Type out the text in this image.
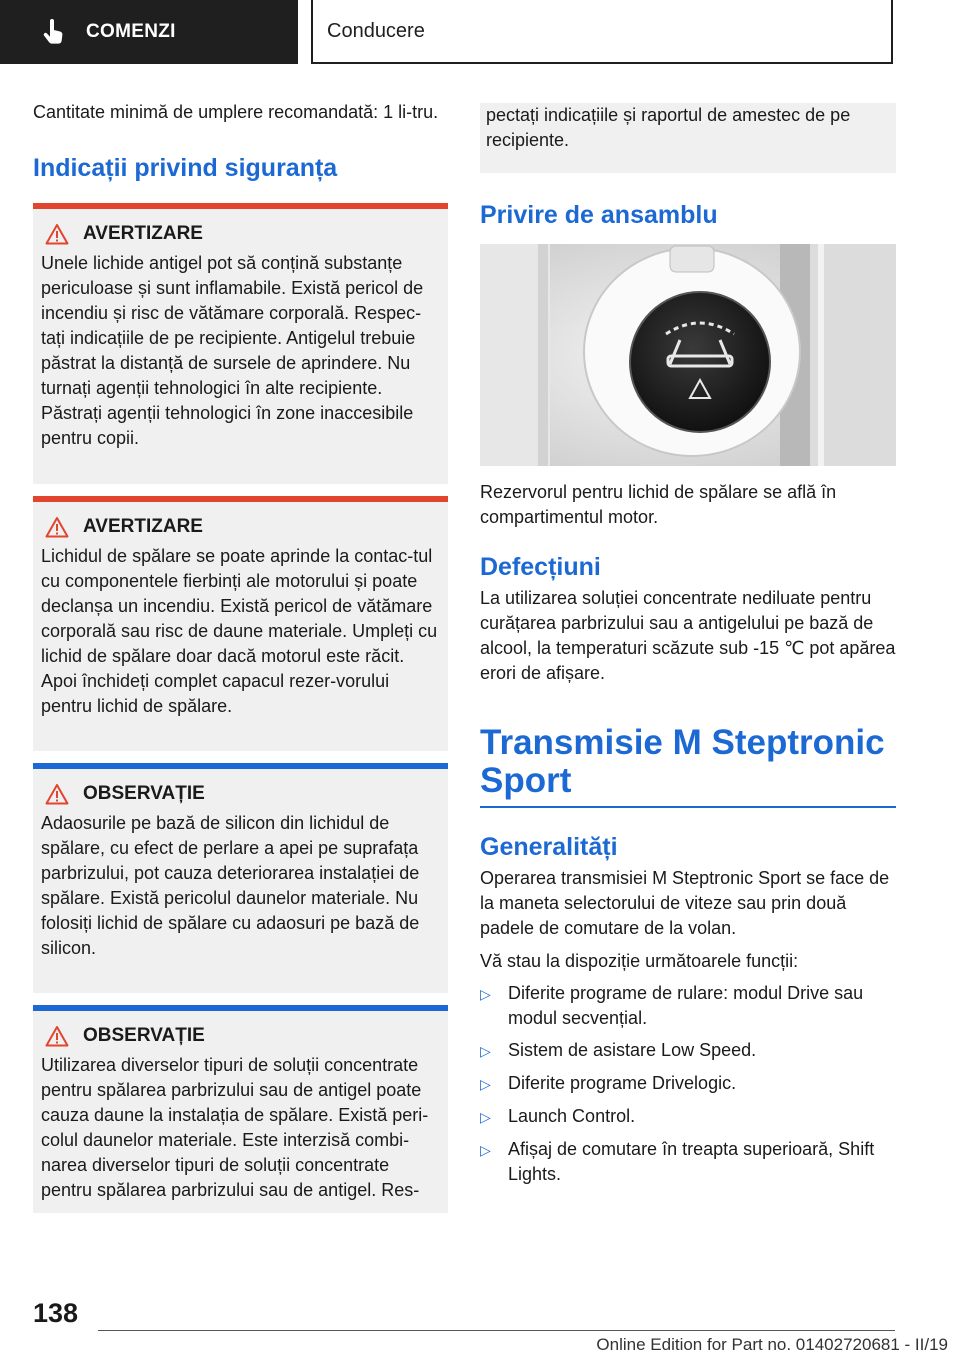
COMENZI	Conducere

Cantitate minimă de umplere recomandată: 1 li‐tru.

Indicații privind siguranța
AVERTIZARE

Unele lichide antigel pot să conțină substanțe periculoase și sunt inflamabile. Există pericol de incendiu și risc de vătămare corporală. Respec‐tați indicațiile de pe recipiente. Antigelul trebuie păstrat la distanță de sursele de aprindere. Nu turnați agenții tehnologici în alte recipiente. Păstrați agenții tehnologici în zone inaccesibile pentru copii.

AVERTIZARE

Lichidul de spălare se poate aprinde la contac‐tul cu componentele fierbinți ale motorului și poate declanșa un incendiu. Există pericol de vătămare corporală sau risc de daune materiale. Umpleți cu lichid de spălare doar dacă motorul este răcit. Apoi închideți complet capacul rezer‐vorului pentru lichid de spălare.

OBSERVAȚIE

Adaosurile pe bază de silicon din lichidul de spălare, cu efect de perlare a apei pe suprafața parbrizului, pot cauza deteriorarea instalației de spălare. Există pericolul daunelor materiale. Nu folosiți lichid de spălare cu adaosuri pe bază de silicon.

OBSERVAȚIE

Utilizarea diverselor tipuri de soluții concentrate pentru spălarea parbrizului sau de antigel poate cauza daune la instalația de spălare. Există peri‐colul daunelor materiale. Este interzisă combi‐narea diverselor tipuri de soluții concentrate pentru spălarea parbrizului sau de antigel. Res‐

pectați indicațiile și raportul de amestec de pe recipiente.

Privire de ansamblu

Rezervorul pentru lichid de spălare se află în compartimentul motor.

Defecțiuni

La utilizarea soluției concentrate nediluate pentru curățarea parbrizului sau a antigelului pe bază de alcool, la temperaturi scăzute sub -15 ℃ pot apărea erori de afișare.

Transmisie M Steptronic Sport
Generalități

Operarea transmisiei M Steptronic Sport se face de la maneta selectorului de viteze sau prin două padele de comutare de la volan.

Vă stau la dispoziție următoarele funcții:

▷ Diferite programe de rulare: modul Drive sau modul secvențial.
▷ Sistem de asistare Low Speed.
▷ Diferite programe Drivelogic.
▷ Launch Control.
▷ Afișaj de comutare în treapta superioară, Shift Lights.
138
Online Edition for Part no. 01402720681 - II/19
